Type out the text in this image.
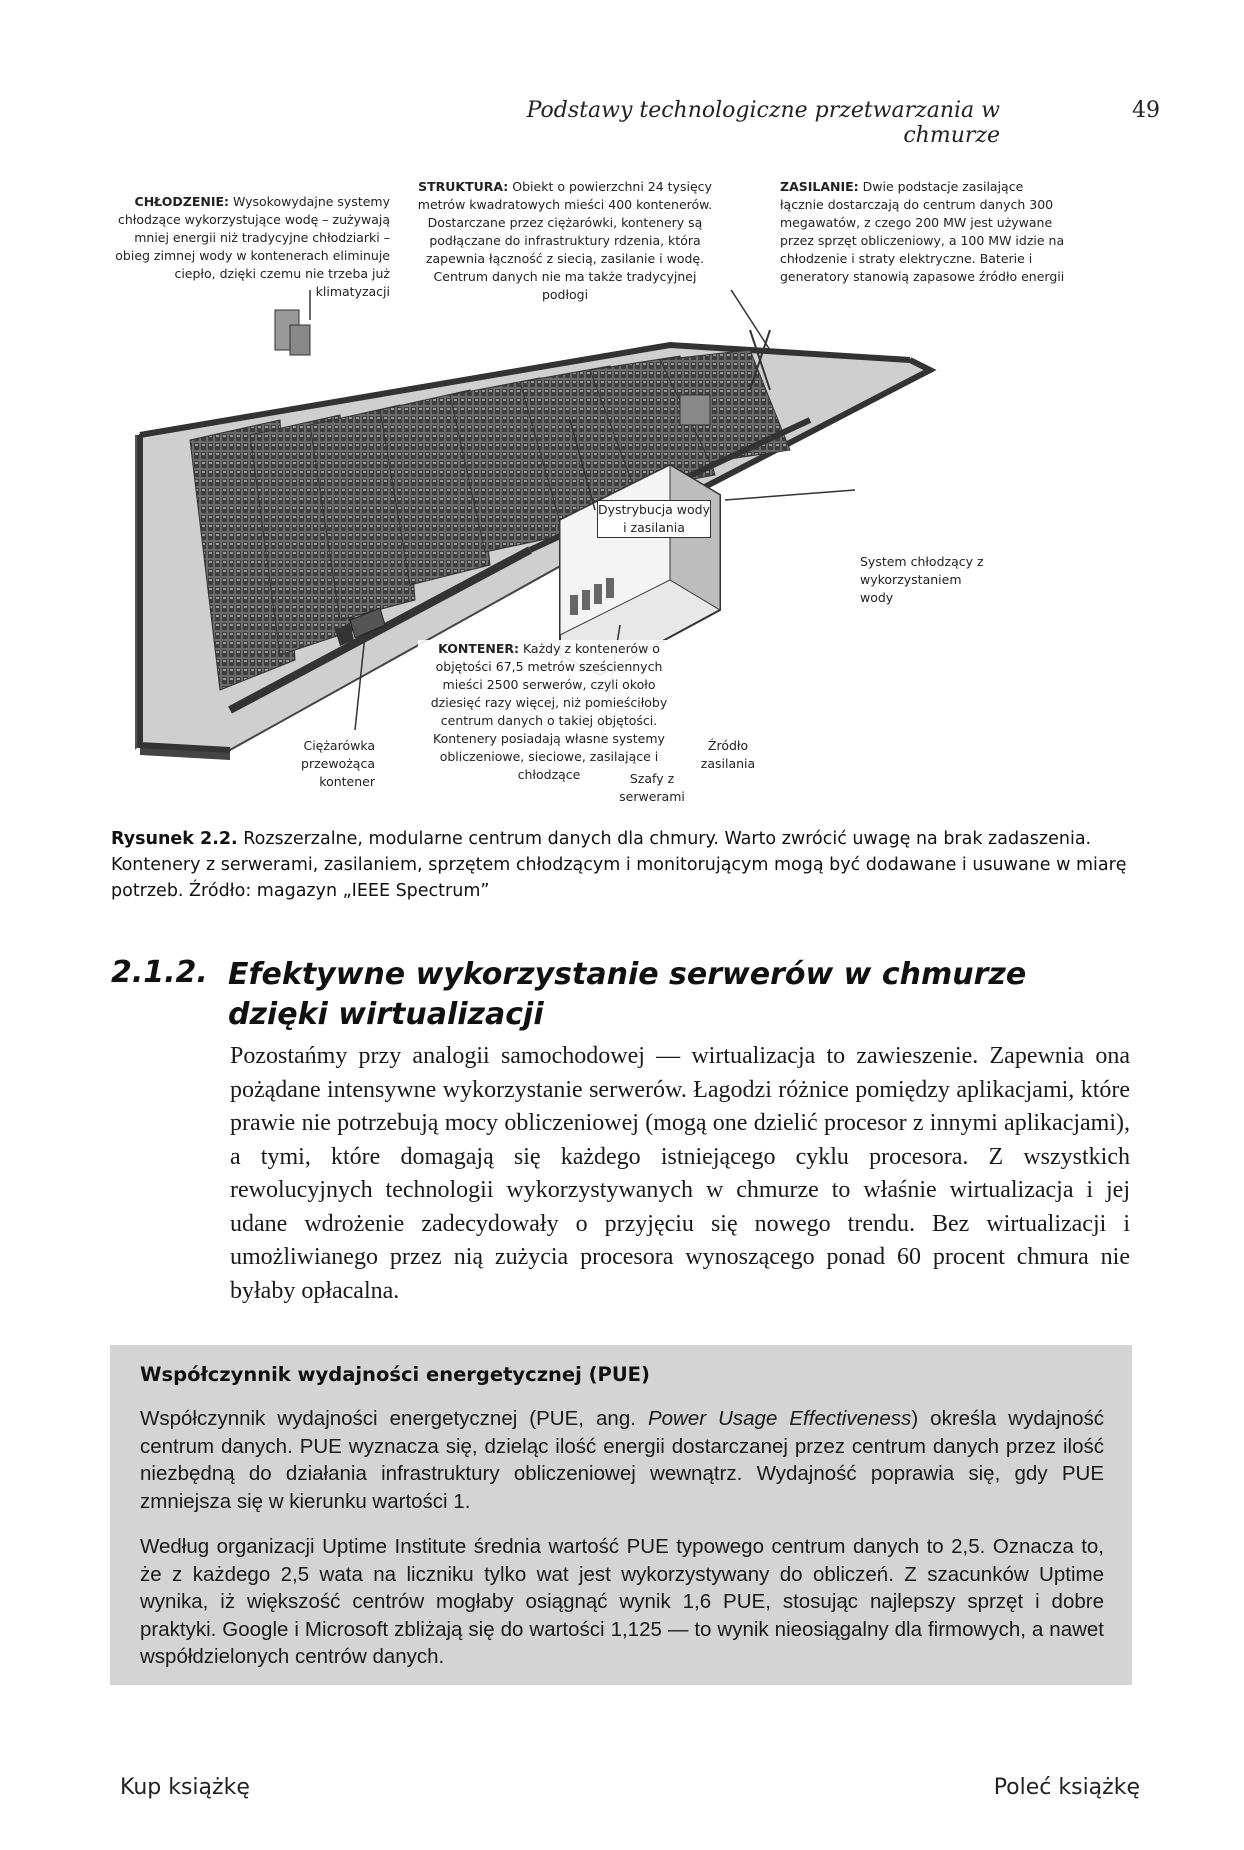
Podstawy technologiczne przetwarzania w chmurze
49
CHŁODZENIE: Wysokowydajne systemy chłodzące wykorzystujące wodę – zużywają mniej energii niż tradycyjne chłodziarki – obieg zimnej wody w kontenerach eliminuje ciepło, dzięki czemu nie trzeba już klimatyzacji
STRUKTURA: Obiekt o powierzchni 24 tysięcy metrów kwadratowych mieści 400 kontenerów. Dostarczane przez ciężarówki, kontenery są podłączane do infrastruktury rdzenia, która zapewnia łączność z siecią, zasilanie i wodę. Centrum danych nie ma także tradycyjnej podłogi
ZASILANIE: Dwie podstacje zasilające łącznie dostarczają do centrum danych 300 megawatów, z czego 200 MW jest używane przez sprzęt obliczeniowy, a 100 MW idzie na chłodzenie i straty elektryczne. Baterie i generatory stanowią zapasowe źródło energii
Dystrybucja wody i zasilania
System chłodzący z wykorzystaniem wody
KONTENER: Każdy z kontenerów o objętości 67,5 metrów sześciennych mieści 2500 serwerów, czyli około dziesięć razy więcej, niż pomieściłoby centrum danych o takiej objętości. Kontenery posiadają własne systemy obliczeniowe, sieciowe, zasilające i chłodzące
Ciężarówka przewożąca kontener
Źródło zasilania
Szafy z serwerami
Rysunek 2.2. Rozszerzalne, modularne centrum danych dla chmury. Warto zwrócić uwagę na brak zadaszenia. Kontenery z serwerami, zasilaniem, sprzętem chłodzącym i monitorującym mogą być dodawane i usuwane w miarę potrzeb. Źródło: magazyn „IEEE Spectrum”
2.1.2. Efektywne wykorzystanie serwerów w chmurze dzięki wirtualizacji
Pozostańmy przy analogii samochodowej — wirtualizacja to zawieszenie. Zapewnia ona pożądane intensywne wykorzystanie serwerów. Łagodzi różnice pomiędzy aplikacjami, które prawie nie potrzebują mocy obliczeniowej (mogą one dzielić procesor z innymi aplikacjami), a tymi, które domagają się każdego istniejącego cyklu procesora. Z wszystkich rewolucyjnych technologii wykorzystywanych w chmurze to właśnie wirtualizacja i jej udane wdrożenie zadecydowały o przyjęciu się nowego trendu. Bez wirtualizacji i umożliwianego przez nią zużycia procesora wynoszącego ponad 60 procent chmura nie byłaby opłacalna.
Współczynnik wydajności energetycznej (PUE)
Współczynnik wydajności energetycznej (PUE, ang. Power Usage Effectiveness) określa wydajność centrum danych. PUE wyznacza się, dzieląc ilość energii dostarczanej przez centrum danych przez ilość niezbędną do działania infrastruktury obliczeniowej wewnątrz. Wydajność poprawia się, gdy PUE zmniejsza się w kierunku wartości 1.
Według organizacji Uptime Institute średnia wartość PUE typowego centrum danych to 2,5. Oznacza to, że z każdego 2,5 wata na liczniku tylko wat jest wykorzystywany do obliczeń. Z szacunków Uptime wynika, iż większość centrów mogłaby osiągnąć wynik 1,6 PUE, stosując najlepszy sprzęt i dobre praktyki. Google i Microsoft zbliżają się do wartości 1,125 — to wynik nieosiągalny dla firmowych, a nawet współdzielonych centrów danych.
Kup książkę	Poleć książkę
